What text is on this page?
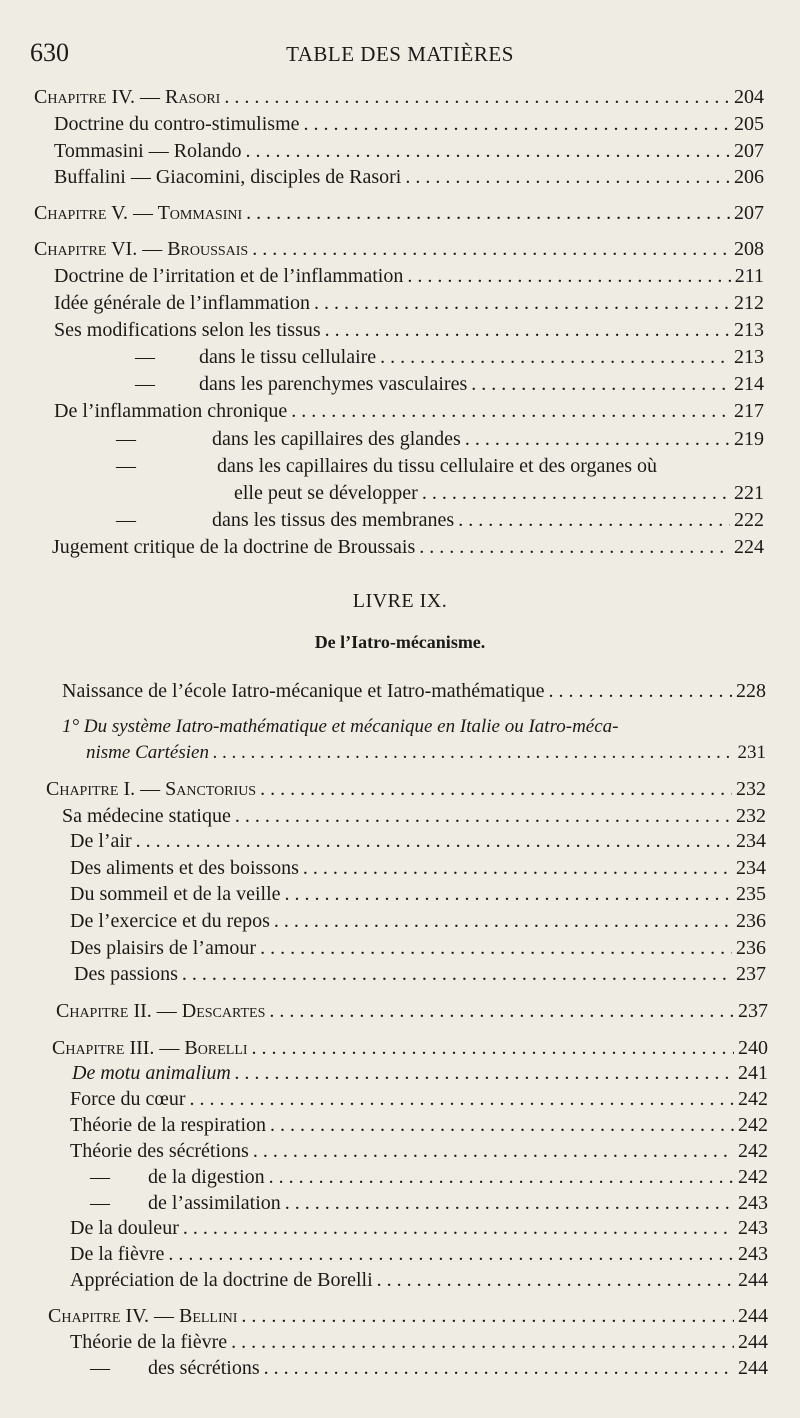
630	TABLE DES MATIÈRES
Chapitre IV. — Rasori . . .	204
Doctrine du contro-stimulisme . . .	205
Tommasini — Rolando . . .	207
Buffalini — Giacomini, disciples de Rasori . . .	206
Chapitre V. — Tommasini . . .	207
Chapitre VI. — Broussais . . .	208
Doctrine de l’irritation et de l’inflammation . . .	211
Idée générale de l’inflammation . . .	212
Ses modifications selon les tissus . . .	213
— dans le tissu cellulaire . . .	213
— dans les parenchymes vasculaires . . .	214
De l’inflammation chronique . . .	217
—	dans les capillaires des glandes . . .	219
—	dans les capillaires du tissu cellulaire et des organes où
elle peut se développer . . .	221
—	dans les tissus des membranes . . .	222
Jugement critique de la doctrine de Broussais . . .	224
LIVRE IX.
De l’Iatro-mécanisme.
Naissance de l’école Iatro-mécanique et Iatro-mathématique . . .	228
1° Du système Iatro-mathématique et mécanique en Italie ou Iatro-méca-
nisme Cartésien . . .	231
Chapitre I. — Sanctorius . . .	232
Sa médecine statique . . .	232
De l’air . . .	234
Des aliments et des boissons . . .	234
Du sommeil et de la veille . . .	235
De l’exercice et du repos . . .	236
Des plaisirs de l’amour . . .	236
Des passions . . .	237
Chapitre II. — Descartes . . .	237
Chapitre III. — Borelli . . .	240
De motu animalium . . .	241
Force du cœur . . .	242
Théorie de la respiration . . .	242
Théorie des sécrétions . . .	242
— de la digestion . . .	242
— de l’assimilation . . .	243
De la douleur . . .	243
De la fièvre . . .	243
Appréciation de la doctrine de Borelli . . .	244
Chapitre IV. — Bellini . . .	244
Théorie de la fièvre . . .	244
— des sécrétions . . .	244
